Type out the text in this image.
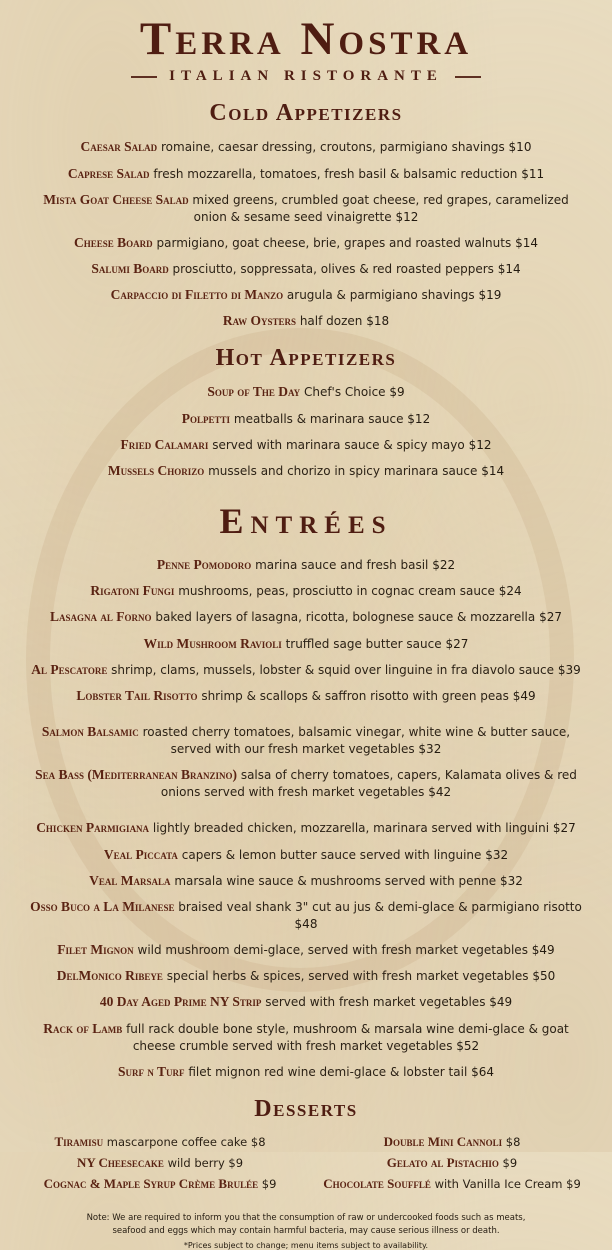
Terra Nostra
ITALIAN RISTORANTE
Cold Appetizers

Caesar Salad romaine, caesar dressing, croutons, parmigiano shavings $10

Caprese Salad fresh mozzarella, tomatoes, fresh basil & balsamic reduction $11

Mista Goat Cheese Salad mixed greens, crumbled goat cheese, red grapes, caramelized onion & sesame seed vinaigrette $12

Cheese Board parmigiano, goat cheese, brie, grapes and roasted walnuts $14

Salumi Board prosciutto, soppressata, olives & red roasted peppers $14

Carpaccio di Filetto di Manzo arugula & parmigiano shavings $19

Raw Oysters half dozen $18

Hot Appetizers

Soup of The Day Chef's Choice $9

Polpetti meatballs & marinara sauce $12

Fried Calamari served with marinara sauce & spicy mayo $12

Mussels Chorizo mussels and chorizo in spicy marinara sauce $14

Entrées

Penne Pomodoro marina sauce and fresh basil $22

Rigatoni Fungi mushrooms, peas, prosciutto in cognac cream sauce $24

Lasagna al Forno baked layers of lasagna, ricotta, bolognese sauce & mozzarella $27

Wild Mushroom Ravioli truffled sage butter sauce $27

Al Pescatore shrimp, clams, mussels, lobster & squid over linguine in fra diavolo sauce $39

Lobster Tail Risotto shrimp & scallops & saffron risotto with green peas $49

Salmon Balsamic roasted cherry tomatoes, balsamic vinegar, white wine & butter sauce, served with our fresh market vegetables $32

Sea Bass (Mediterranean Branzino) salsa of cherry tomatoes, capers, Kalamata olives & red onions served with fresh market vegetables $42

Chicken Parmigiana lightly breaded chicken, mozzarella, marinara served with linguini $27

Veal Piccata capers & lemon butter sauce served with linguine $32

Veal Marsala marsala wine sauce & mushrooms served with penne $32

Osso Buco a La Milanese braised veal shank 3" cut au jus & demi-glace & parmigiano risotto $48

Filet Mignon wild mushroom demi-glace, served with fresh market vegetables $49

DelMonico Ribeye special herbs & spices, served with fresh market vegetables $50

40 Day Aged Prime NY Strip served with fresh market vegetables $49

Rack of Lamb full rack double bone style, mushroom & marsala wine demi-glace & goat cheese crumble served with fresh market vegetables $52

Surf n Turf filet mignon red wine demi-glace & lobster tail $64

Desserts

Tiramisu mascarpone coffee cake $8

NY Cheesecake wild berry $9

Cognac & Maple Syrup Crème Brulée $9

Double Mini Cannoli $8

Gelato al Pistachio $9

Chocolate Soufflé with Vanilla Ice Cream $9

Note: We are required to inform you that the consumption of raw or undercooked foods such as meats, seafood and eggs which may contain harmful bacteria, may cause serious illness or death.

*Prices subject to change; menu items subject to availability.
